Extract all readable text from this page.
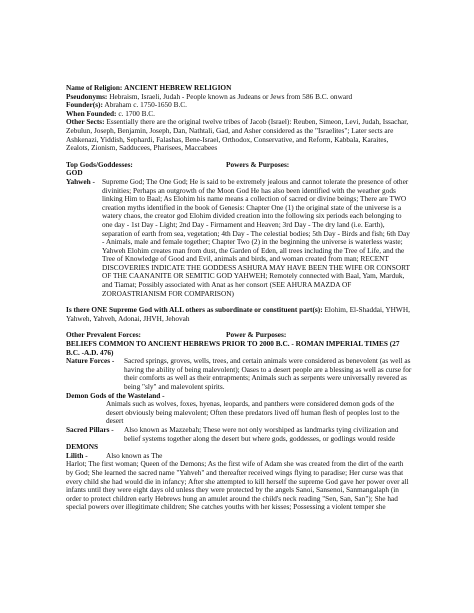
Name of Religion: ANCIENT HEBREW RELIGION

Pseudonyms: Hebraism, Israeli, Judah - People known as Judeans or Jews from 586 B.C. onward

Founder(s): Abraham c. 1750-1650 B.C.

When Founded: c. 1700 B.C.

Other Sects: Essentially there are the original twelve tribes of Jacob (Israel): Reuben, Simeon, Levi, Judah, Issachar, Zebulun, Joseph, Benjamin, Joseph, Dan, Nathtali, Gad, and Asher considered as the "Israelites"; Later sects are Ashkenazi, Yiddish, Sephardi, Falashas, Bene-Israel, Orthodox, Conservative, and Reform, Kabbala, Karaites, Zealots, Zionism, Sadducees, Pharisees, Maccabees

Top Gods/Goddesses:	Powers & Purposes:

GOD

Yahweh - Supreme God; The One God; He is said to be extremely jealous and cannot tolerate the presence of other divinities; Perhaps an outgrowth of the Moon God He has also been identified with the weather gods linking Him to Baal; As Elohim his name means a collection of sacred or divine beings; There are TWO creation myths identified in the book of Genesis: Chapter One (1) the original state of the universe is a watery chaos, the creator god Elohim divided creation into the following six periods each belonging to one day - 1st Day - Light; 2nd Day - Firmament and Heaven; 3rd Day - The dry land (i.e. Earth), separation of earth from sea, vegetation; 4th Day - The celestial bodies; 5th Day - Birds and fish; 6th Day - Animals, male and female together; Chapter Two (2) in the beginning the universe is waterless waste; Yahweh Elohim creates man from dust, the Garden of Eden, all trees including the Tree of Life, and the Tree of Knowledge of Good and Evil, animals and birds, and woman created from man; RECENT DISCOVERIES INDICATE THE GODDESS ASHURA MAY HAVE BEEN THE WIFE OR CONSORT OF THE CAANANITE OR SEMITIC GOD YAHWEH; Remotely connected with Baal, Yam, Marduk, and Tiamat; Possibly associated with Anat as her consort (SEE AHURA MAZDA OF ZOROASTRIANISM FOR COMPARISON)

Is there ONE Supreme God with ALL others as subordinate or constituent part(s): Elohim, El-Shaddai, YHWH, Yahweh, Yahveh, Adonai, JHVH, Jehovah

Other Prevalent Forces:	Power & Purposes:

BELIEFS COMMON TO ANCIENT HEBREWS PRIOR TO 2000 B.C. - ROMAN IMPERIAL TIMES (27 B.C. -A.D. 476)

Nature Forces -	Sacred springs, groves, wells, trees, and certain animals were considered as benevolent (as well as having the ability of being malevolent); Oases to a desert people are a blessing as well as curse for their comforts as well as their entrapments; Animals such as serpents were universally revered as being "sly" and malevolent spirits.

Demon Gods of the Wasteland -

Animals such as wolves, foxes, hyenas, leopards, and panthers were considered demon gods of the desert obviously being malevolent; Often these predators lived off human flesh of peoples lost to the desert

Sacred Pillars -	Also known as Mazzebah; These were not only worshiped as landmarks tying civilization and belief systems together along the desert but where gods, goddesses, or godlings would reside

DEMONS

Lilith -	Also known as The

Harlot; The first woman; Queen of the Demons; As the first wife of Adam she was created from the dirt of the earth by God; She learned the sacred name "Yahveh" and thereafter received wings flying to paradise; Her curse was that every child she had would die in infancy; After she attempted to kill herself the supreme God gave her power over all infants until they were eight days old unless they were protected by the angels Sanoi, Sansenoi, Sanmangalaph (in order to protect children early Hebrews hung an amulet around the child's neck reading "Sen, San, San"); She had special powers over illegitimate children; She catches youths with her kisses; Possessing a violent temper she
